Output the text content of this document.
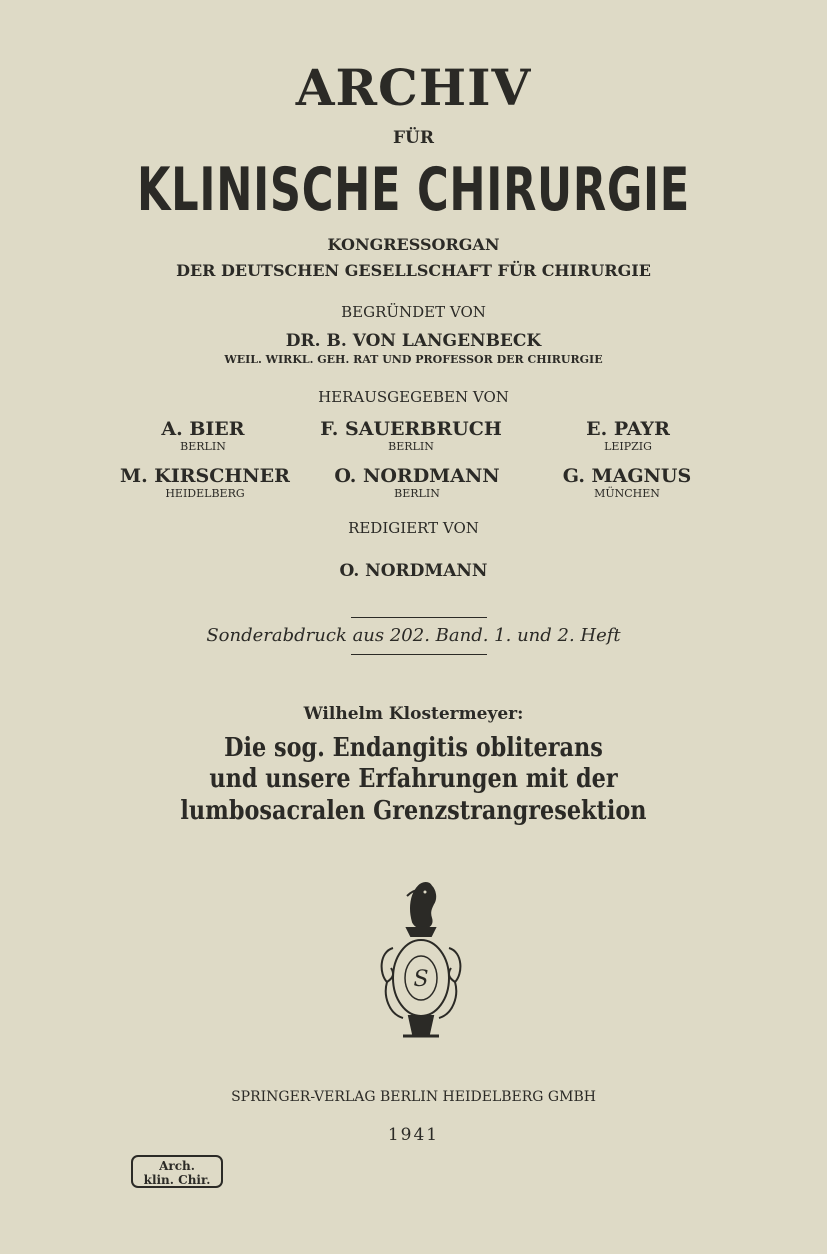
ARCHIV
FÜR
KLINISCHE CHIRURGIE
KONGRESSORGAN
DER DEUTSCHEN GESELLSCHAFT FÜR CHIRURGIE
BEGRÜNDET VON
DR. B. VON LANGENBECK
WEIL. WIRKL. GEH. RAT UND PROFESSOR DER CHIRURGIE
HERAUSGEGEBEN VON
A. BIER
BERLIN
F. SAUERBRUCH
BERLIN
E. PAYR
LEIPZIG
M. KIRSCHNER
HEIDELBERG
O. NORDMANN
BERLIN
G. MAGNUS
MÜNCHEN
REDIGIERT VON
O. NORDMANN
Sonderabdruck aus 202. Band. 1. und 2. Heft
Wilhelm Klostermeyer:
Die sog. Endangitis obliterans
und unsere Erfahrungen mit der
lumbosacralen Grenzstrangresektion
S
SPRINGER-VERLAG BERLIN HEIDELBERG GMBH
1941
Arch.
klin. Chir.
